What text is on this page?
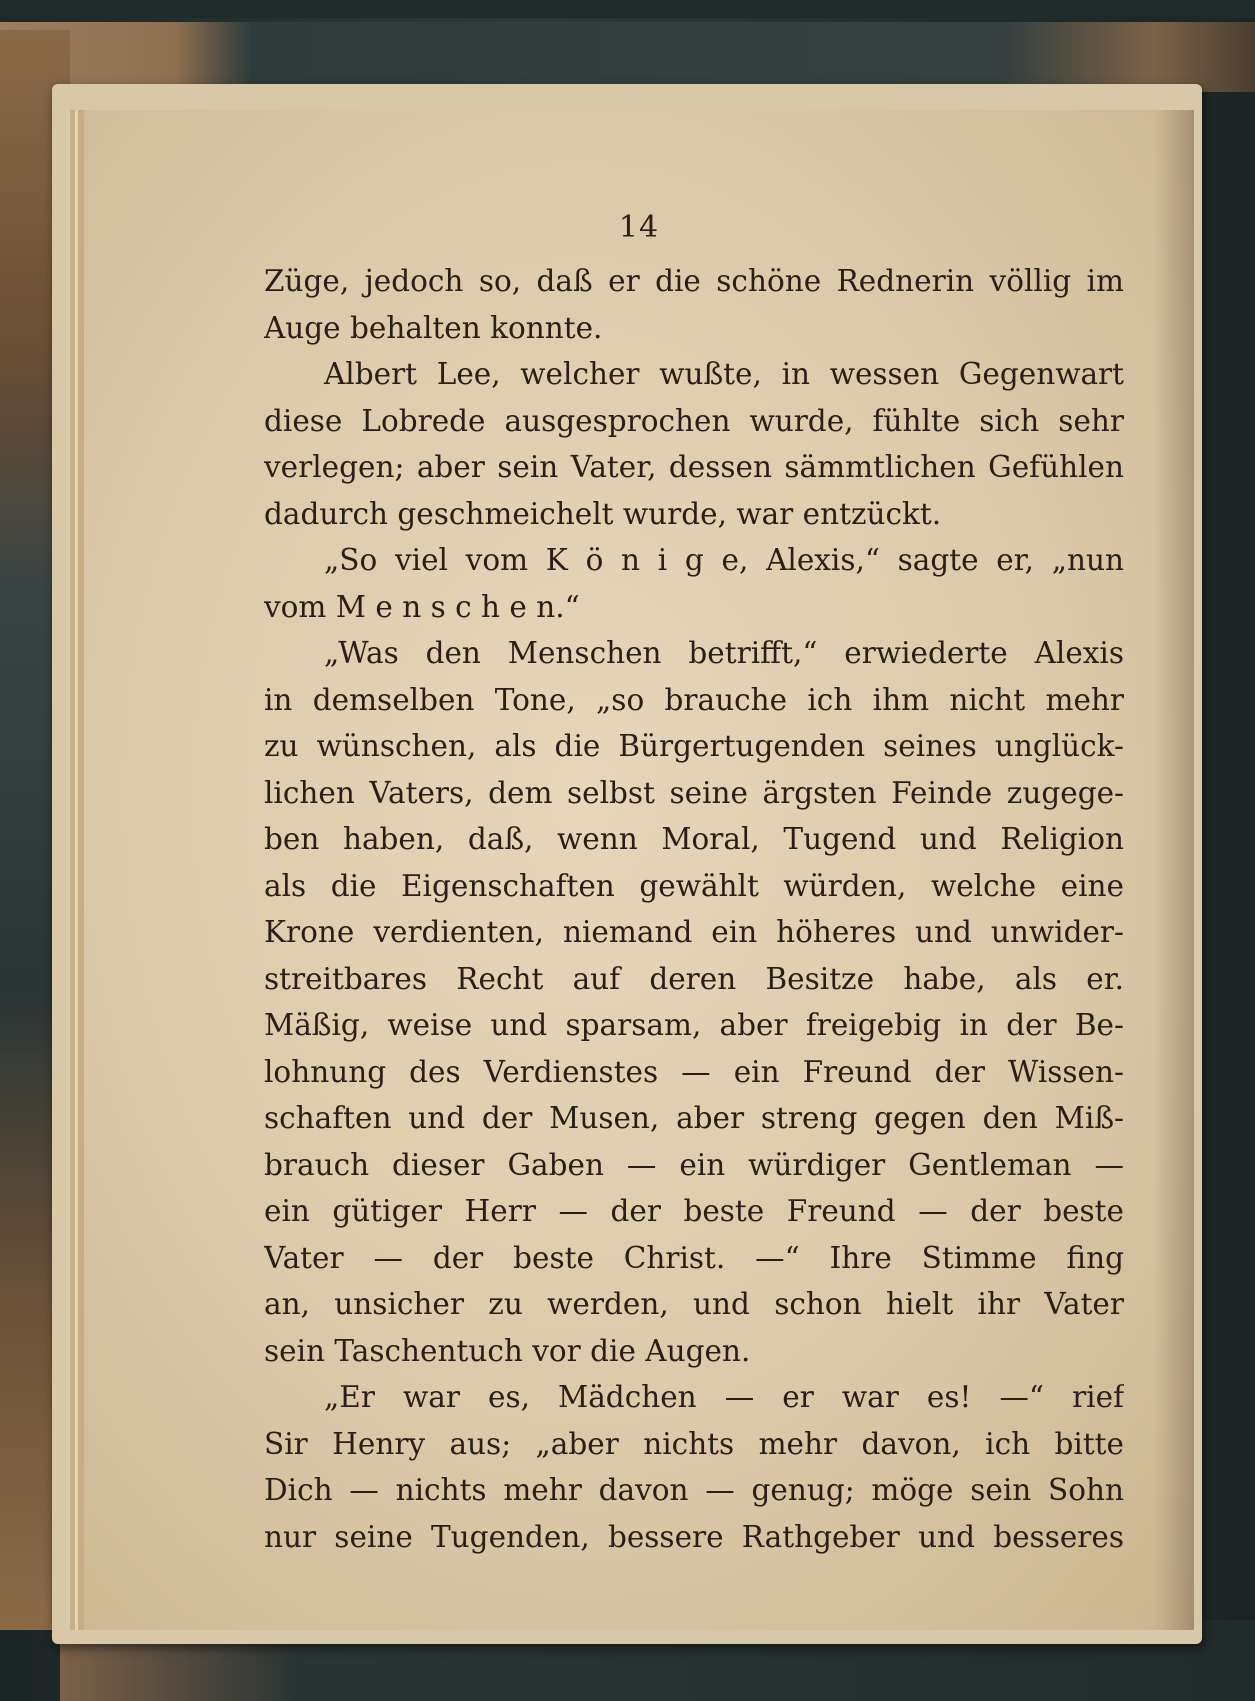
14
Züge, jedoch so, daß er die schöne Rednerin völlig im
Auge behalten konnte.
Albert Lee, welcher wußte, in wessen Gegenwart
diese Lobrede ausgesprochen wurde, fühlte sich sehr
verlegen; aber sein Vater, dessen sämmtlichen Gefühlen
dadurch geschmeichelt wurde, war entzückt.
„So viel vom K ö n i g e, Alexis,“ sagte er, „nun
vom M e n s c h e n.“
„Was den Menschen betrifft,“ erwiederte Alexis
in demselben Tone, „so brauche ich ihm nicht mehr
zu wünschen, als die Bürgertugenden seines unglück-
lichen Vaters, dem selbst seine ärgsten Feinde zugege-
ben haben, daß, wenn Moral, Tugend und Religion
als die Eigenschaften gewählt würden, welche eine
Krone verdienten, niemand ein höheres und unwider-
streitbares Recht auf deren Besitze habe, als er.
Mäßig, weise und sparsam, aber freigebig in der Be-
lohnung des Verdienstes — ein Freund der Wissen-
schaften und der Musen, aber streng gegen den Miß-
brauch dieser Gaben — ein würdiger Gentleman —
ein gütiger Herr — der beste Freund — der beste
Vater — der beste Christ. —“ Ihre Stimme fing
an, unsicher zu werden, und schon hielt ihr Vater
sein Taschentuch vor die Augen.
„Er war es, Mädchen — er war es! —“ rief
Sir Henry aus; „aber nichts mehr davon, ich bitte
Dich — nichts mehr davon — genug; möge sein Sohn
nur seine Tugenden, bessere Rathgeber und besseres
